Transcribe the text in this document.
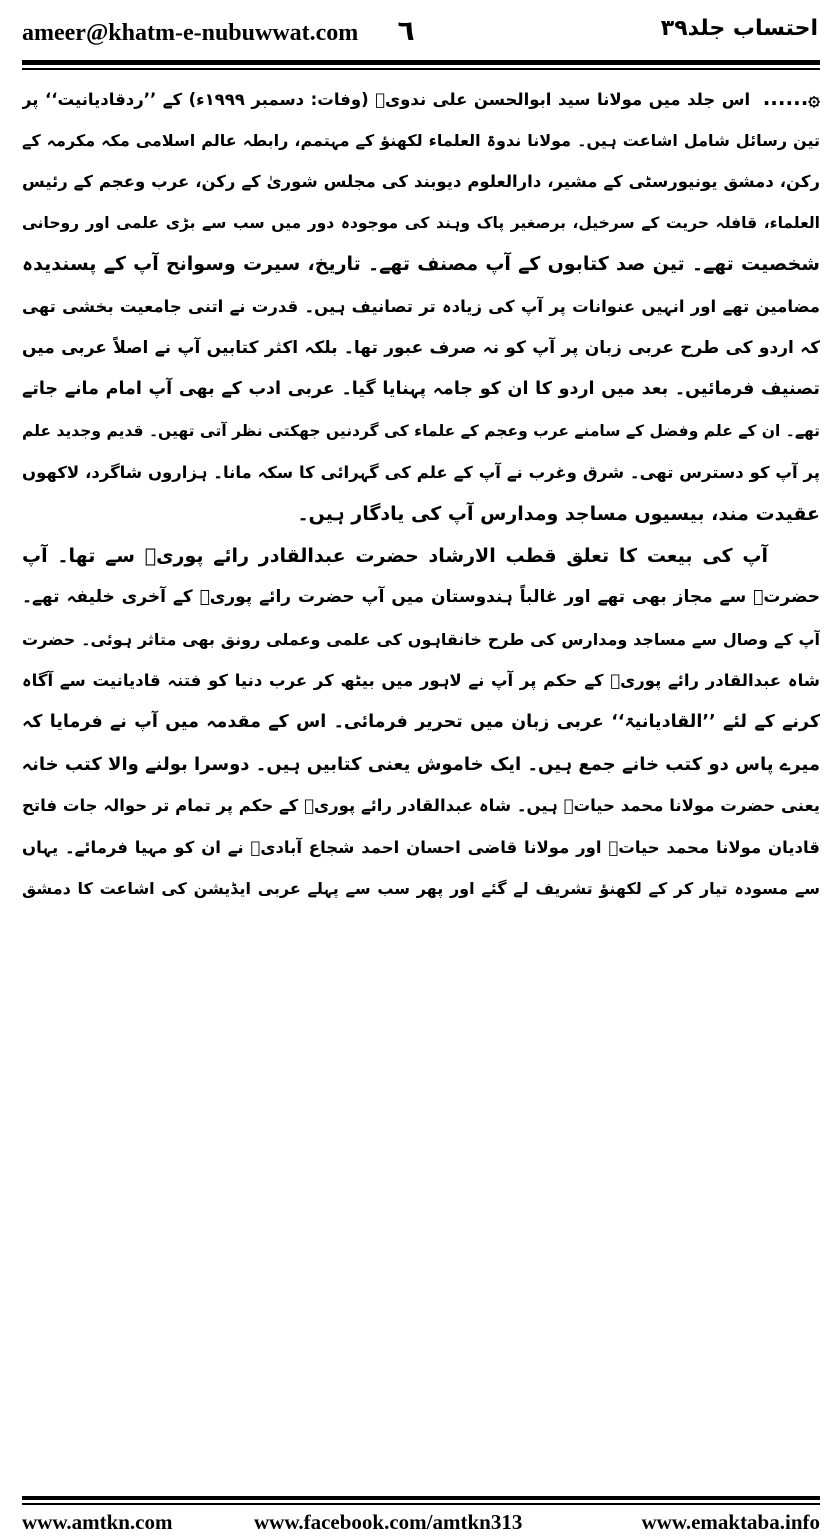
ameer@khatm-e-nubuwwat.com	٦	احتساب جلد۳۹
۞...... اس جلد میں مولانا سید ابوالحسن علی ندویؒ (وفات: دسمبر ۱۹۹۹ء) کے ’’ردقادیانیت‘‘ پر
تین رسائل شامل اشاعت ہیں۔ مولانا ندوۃ العلماء لکھنؤ کے مہتمم، رابطہ عالم اسلامی مکہ مکرمہ کے
رکن، دمشق یونیورسٹی کے مشیر، دارالعلوم دیوبند کی مجلس شوریٰ کے رکن، عرب وعجم کے رئیس
العلماء، قافلہ حریت کے سرخیل، برصغیر پاک وہند کی موجودہ دور میں سب سے بڑی علمی اور روحانی
شخصیت تھے۔ تین صد کتابوں کے آپ مصنف تھے۔ تاریخ، سیرت وسوانح آپ کے پسندیدہ
مضامین تھے اور انہیں عنوانات پر آپ کی زیادہ تر تصانیف ہیں۔ قدرت نے اتنی جامعیت بخشی تھی
کہ اردو کی طرح عربی زبان پر آپ کو نہ صرف عبور تھا۔ بلکہ اکثر کتابیں آپ نے اصلاً عربی میں
تصنیف فرمائیں۔ بعد میں اردو کا ان کو جامہ پہنایا گیا۔ عربی ادب کے بھی آپ امام مانے جاتے
تھے۔ ان کے علم وفضل کے سامنے عرب وعجم کے علماء کی گردنیں جھکتی نظر آتی تھیں۔ قدیم وجدید علم
پر آپ کو دسترس تھی۔ شرق وغرب نے آپ کے علم کی گہرائی کا سکہ مانا۔ ہزاروں شاگرد، لاکھوں
عقیدت مند، بیسیوں مساجد ومدارس آپ کی یادگار ہیں۔
آپ کی بیعت کا تعلق قطب الارشاد حضرت عبدالقادر رائے پوریؒ سے تھا۔ آپ
حضرتؒ سے مجاز بھی تھے اور غالباً ہندوستان میں آپ حضرت رائے پوریؒ کے آخری خلیفہ تھے۔
آپ کے وصال سے مساجد ومدارس کی طرح خانقاہوں کی علمی وعملی رونق بھی متاثر ہوئی۔ حضرت
شاہ عبدالقادر رائے پوریؒ کے حکم پر آپ نے لاہور میں بیٹھ کر عرب دنیا کو فتنہ قادیانیت سے آگاہ
کرنے کے لئے ’’القادیانیۃ‘‘ عربی زبان میں تحریر فرمائی۔ اس کے مقدمہ میں آپ نے فرمایا کہ
میرے پاس دو کتب خانے جمع ہیں۔ ایک خاموش یعنی کتابیں ہیں۔ دوسرا بولنے والا کتب خانہ
یعنی حضرت مولانا محمد حیاتؒ ہیں۔ شاہ عبدالقادر رائے پوریؒ کے حکم پر تمام تر حوالہ جات فاتح
قادیان مولانا محمد حیاتؒ اور مولانا قاضی احسان احمد شجاع آبادیؒ نے ان کو مہیا فرمائے۔ یہاں
سے مسودہ تیار کر کے لکھنؤ تشریف لے گئے اور پھر سب سے پہلے عربی ایڈیشن کی اشاعت کا دمشق
www.amtkn.com	www.facebook.com/amtkn313	www.emaktaba.info
